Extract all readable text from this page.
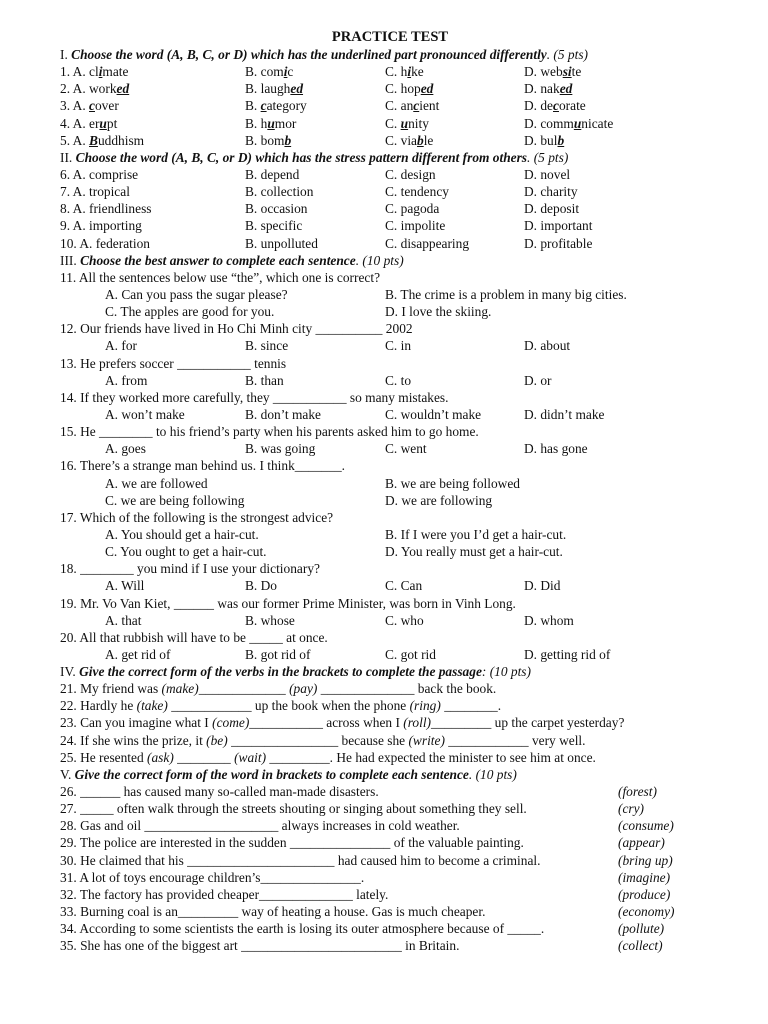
PRACTICE TEST
I. Choose the word (A, B, C, or D) which has the underlined part pronounced differently. (5 pts)
1. A. climate	B. comic	C. hike	D. website
2. A. worked	B. laughed	C. hoped	D. naked
3. A. cover	B. category	C. ancient	D. decorate
4. A. erupt	B. humor	C. unity	D. communicate
5. A. Buddhism	B. bomb	C. viable	D. bulb
II. Choose the word (A, B, C, or D) which has the stress pattern different from others. (5 pts)
6. A. comprise	B. depend	C. design	D. novel
7. A. tropical	B. collection	C. tendency	D. charity
8. A. friendliness	B. occasion	C. pagoda	D. deposit
9. A. importing	B. specific	C. impolite	D. important
10. A. federation	B. unpolluted	C. disappearing	D. profitable
III. Choose the best answer to complete each sentence. (10 pts)
11. All the sentences below use “the”, which one is correct?
A. Can you pass the sugar please?	B. The crime is a problem in many big cities.
C. The apples are good for you.	D. I love the skiing.
12. Our friends have lived in Ho Chi Minh city __________ 2002
A. for	B. since	C. in	D. about
13. He prefers soccer ___________ tennis
A. from	B. than	C. to	D. or
14. If they worked more carefully, they ___________ so many mistakes.
A. won’t make	B. don’t make	C. wouldn’t make	D. didn’t make
15. He ________ to his friend’s party when his parents asked him to go home.
A. goes	B. was going	C. went	D. has gone
16. There’s a strange man behind us. I think_______.
A. we are followed	B. we are being followed
C. we are being following	D. we are following
17. Which of the following is the strongest advice?
A. You should get a hair-cut.	B. If I were you I’d get a hair-cut.
C. You ought to get a hair-cut.	D. You really must get a hair-cut.
18. ________ you mind if I use your dictionary?
A. Will	B. Do	C. Can	D. Did
19. Mr. Vo Van Kiet, ______ was our former Prime Minister, was born in Vinh Long.
A. that	B. whose	C. who	D. whom
20. All that rubbish will have to be _____ at once.
A. get rid of	B. got rid of	C. got rid	D. getting rid of
IV. Give the correct form of the verbs in the brackets to complete the passage: (10 pts)
21. My friend was (make)_____________ (pay) ______________ back the book.
22. Hardly he (take) ____________ up the book when the phone (ring) ________.
23. Can you imagine what I (come)___________ across when I (roll)_________ up the carpet yesterday?
24. If she wins the prize, it (be) ________________ because she (write) ____________ very well.
25. He resented (ask) ________ (wait) _________. He had expected the minister to see him at once.
V. Give the correct form of the word in brackets to complete each sentence. (10 pts)
26. ______ has caused many so-called man-made disasters.	(forest)
27. _____ often walk through the streets shouting or singing about something they sell.	(cry)
28. Gas and oil ____________________ always increases in cold weather.	(consume)
29. The police are interested in the sudden _______________ of the valuable painting.	(appear)
30. He claimed that his ______________________ had caused him to become a criminal.	(bring up)
31. A lot of toys encourage children’s_______________.	(imagine)
32. The factory has provided cheaper______________ lately.	(produce)
33. Burning coal is an_________ way of heating a house. Gas is much cheaper.	(economy)
34. According to some scientists the earth is losing its outer atmosphere because of _____.	(pollute)
35. She has one of the biggest art ________________________ in Britain.	(collect)
